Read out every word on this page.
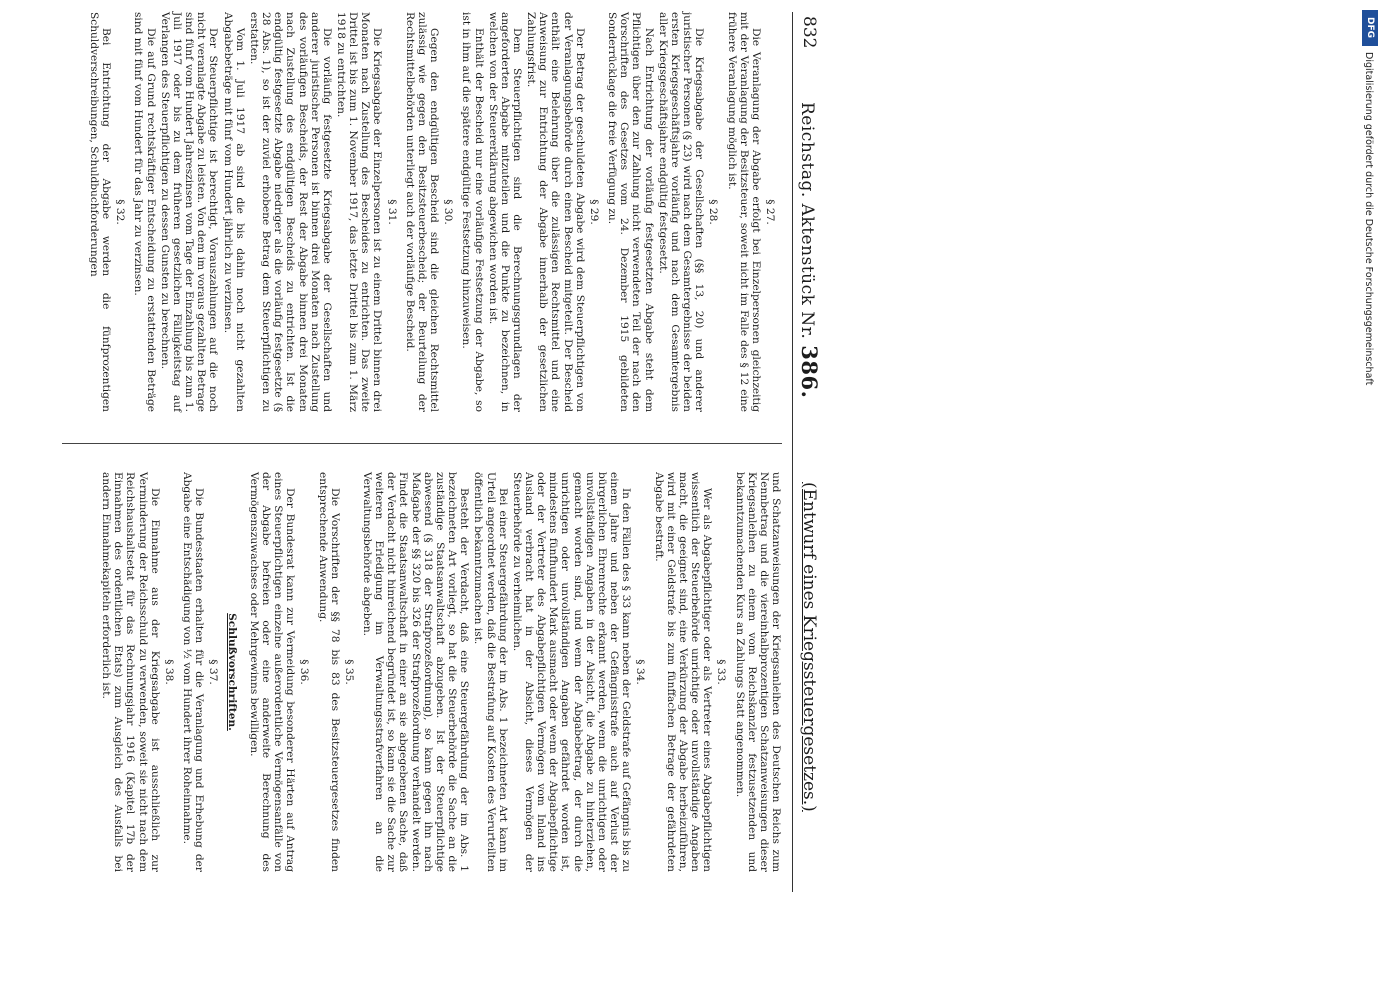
832
Reichstag. Aktenstück Nr. 386.
(Entwurf eines Kriegssteuergesetzes.)
§ 27.
Die Veranlagung der Abgabe erfolgt bei Einzelpersonen gleichzeitig mit der Veranlagung der Besitzsteuer, soweit nicht im Falle des § 12 eine frühere Veranlagung möglich ist.
§ 28.
Die Kriegsabgabe der Gesellschaften (§§ 13, 20) und anderer juristischer Personen (§ 23) wird nach dem Gesamtergebnisse der beiden ersten Kriegsgeschäftsjahre vorläufig und nach dem Gesamtergebnis aller Kriegsgeschäftsjahre endgültig festgesetzt.
Nach Entrichtung der vorläufig festgesetzten Abgabe steht dem Pflichtigen über den zur Zahlung nicht verwendeten Teil der nach den Vorschriften des Gesetzes vom 24. Dezember 1915 gebildeten Sonderrücklage die freie Verfügung zu.
§ 29.
Der Betrag der geschuldeten Abgabe wird dem Steuerpflichtigen von der Veranlagungsbehörde durch einen Bescheid mitgeteilt. Der Bescheid enthält eine Belehrung über die zulässigen Rechtsmittel und eine Anweisung zur Entrichtung der Abgabe innerhalb der gesetzlichen Zahlungsfrist.
Dem Steuerpflichtigen sind die Berechnungsgrundlagen der angeforderten Abgabe mitzuteilen und die Punkte zu bezeichnen, in welchen von der Steuererklärung abgewichen worden ist.
Enthält der Bescheid nur eine vorläufige Festsetzung der Abgabe, so ist in ihm auf die spätere endgültige Festsetzung hinzuweisen.
§ 30.
Gegen den endgültigen Bescheid sind die gleichen Rechtsmittel zulässig wie gegen den Besitzsteuerbescheid; der Beurteilung der Rechtsmittelbehörden unterliegt auch der vorläufige Bescheid.
§ 31.
Die Kriegsabgabe der Einzelpersonen ist zu einem Drittel binnen drei Monaten nach Zustellung des Bescheides zu entrichten. Das zweite Drittel ist bis zum 1. November 1917, das letzte Drittel bis zum 1. März 1918 zu entrichten.
Die vorläufig festgesetzte Kriegsabgabe der Gesellschaften und anderer juristischer Personen ist binnen drei Monaten nach Zustellung des vorläufigen Bescheids, der Rest der Abgabe binnen drei Monaten nach Zustellung des endgültigen Bescheids zu entrichten. Ist die endgültig festgesetzte Abgabe niedriger als die vorläufig festgesetzte (§ 28 Abs. 1), so ist der zuviel erhobene Betrag dem Steuerpflichtigen zu erstatten.
Vom 1. Juli 1917 ab sind die bis dahin noch nicht gezahlten Abgabebeträge mit fünf vom Hundert jährlich zu verzinsen.
Der Steuerpflichtige ist berechtigt, Vorauszahlungen auf die noch nicht veranlagte Abgabe zu leisten. Von dem im voraus gezahlten Betrage sind fünf vom Hundert Jahreszinsen vom Tage der Einzahlung bis zum 1. Juli 1917 oder bis zu dem früheren gesetzlichen Fälligkeitstag auf Verlangen des Steuerpflichtigen zu dessen Gunsten zu berechnen.
Die auf Grund rechtskräftiger Entscheidung zu erstattenden Beträge sind mit fünf vom Hundert für das Jahr zu verzinsen.
§ 32.
Bei Entrichtung der Abgabe werden die fünfprozentigen Schuldverschreibungen, Schuldbuchforderungen
und Schatzanweisungen der Kriegsanleihen des Deutschen Reichs zum Nennbetrag und die viereinhalbprozentigen Schatzanweisungen dieser Kriegsanleihen zu einem vom Reichskanzler festzusetzenden und bekanntzumachenden Kurs an Zahlungs Statt angenommen.
§ 33.
Wer als Abgabepflichtiger oder als Vertreter eines Abgabepflichtigen wissentlich der Steuerbehörde unrichtige oder unvollständige Angaben macht, die geeignet sind, eine Verkürzung der Abgabe herbeizuführen, wird mit einer Geldstrafe bis zum fünffachen Betrage der gefährdeten Abgabe bestraft.
§ 34.
In den Fällen des § 33 kann neben der Geldstrafe auf Gefängnis bis zu einem Jahre und neben der Gefängnisstrafe auch auf Verlust der bürgerlichen Ehrenrechte erkannt werden, wenn die unrichtigen oder unvollständigen Angaben in der Absicht, die Abgabe zu hinterziehen, gemacht worden sind, und wenn der Abgabebetrag, der durch die unrichtigen oder unvollständigen Angaben gefährdet worden ist, mindestens fünfhundert Mark ausmacht oder wenn der Abgabepflichtige oder der Vertreter des Abgabepflichtigen Vermögen vom Inland ins Ausland verbracht hat in der Absicht, dieses Vermögen der Steuerbehörde zu verheimlichen.
Bei einer Steuergefährdung der im Abs. 1 bezeichneten Art kann im Urteil angeordnet werden, daß die Bestrafung auf Kosten des Verurteilten öffentlich bekanntzumachen ist.
Besteht der Verdacht, daß eine Steuergefährdung der im Abs. 1 bezeichneten Art vorliegt, so hat die Steuerbehörde die Sache an die zuständige Staatsanwaltschaft abzugeben. Ist der Steuerpflichtige abwesend (§ 318 der Strafprozeßordnung), so kann gegen ihn nach Maßgabe der §§ 320 bis 326 der Strafprozeßordnung verhandelt werden. Findet die Staatsanwaltschaft in einer an sie abgegebenen Sache, daß der Verdacht nicht hinreichend begründet ist, so kann sie die Sache zur weiteren Erledigung im Verwaltungsstrafverfahren an die Verwaltungsbehörde abgeben.
§ 35.
Die Vorschriften der §§ 78 bis 83 des Besitzsteuergesetzes finden entsprechende Anwendung.
§ 36.
Der Bundesrat kann zur Vermeidung besonderer Härten auf Antrag eines Steuerpflichtigen einzelne außerordentliche Vermögensanfälle von der Abgabe befreien oder eine anderweite Berechnung des Vermögenszuwachses oder Mehrgewinns bewilligen.
Schlußvorschriften.
§ 37.
Die Bundesstaaten erhalten für die Veranlagung und Erhebung der Abgabe eine Entschädigung von ½ vom Hundert ihrer Roheinnahme.
§ 38.
Die Einnahme aus der Kriegsabgabe ist ausschließlich zur Verminderung der Reichsschuld zu verwenden, soweit sie nicht nach dem Reichshaushaltsetat für das Rechnungsjahr 1916 (Kapitel 17b der Einnahmen des ordentlichen Etats) zum Ausgleich des Ausfalls bei andern Einnahmekapiteln erforderlich ist.
DFG
Digitalisierung gefördert durch die Deutsche Forschungsgemeinschaft
